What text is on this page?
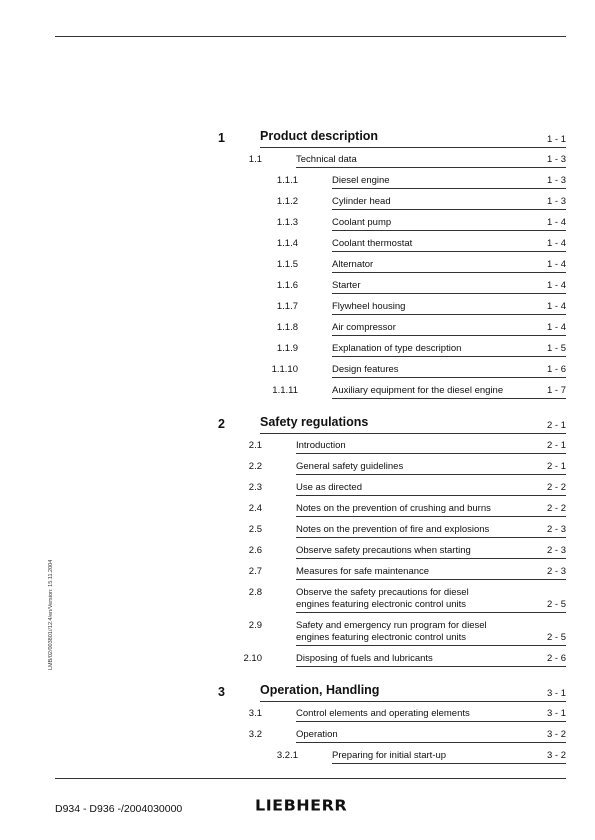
1	Product description	1 - 1
1.1	Technical data	1 - 3
1.1.1	Diesel engine	1 - 3
1.1.2	Cylinder head	1 - 3
1.1.3	Coolant pump	1 - 4
1.1.4	Coolant thermostat	1 - 4
1.1.5	Alternator	1 - 4
1.1.6	Starter	1 - 4
1.1.7	Flywheel housing	1 - 4
1.1.8	Air compressor	1 - 4
1.1.9	Explanation of type description	1 - 5
1.1.10	Design features	1 - 6
1.1.11	Auxiliary equipment for the diesel engine	1 - 7
2	Safety regulations	2 - 1
2.1	Introduction	2 - 1
2.2	General safety guidelines	2 - 1
2.3	Use as directed	2 - 2
2.4	Notes on the prevention of crushing and burns	2 - 2
2.5	Notes on the prevention of fire and explosions	2 - 3
2.6	Observe safety precautions when starting	2 - 3
2.7	Measures for safe maintenance	2 - 3
2.8	Observe the safety precautions for diesel
engines featuring electronic control units	2 - 5
2.9	Safety and emergency run program for diesel
engines featuring electronic control units	2 - 5
2.10	Disposing of fuels and lubricants	2 - 6
3	Operation, Handling	3 - 1
3.1	Control elements and operating elements	3 - 1
3.2	Operation	3 - 2
3.2.1	Preparing for initial start-up	3 - 2
LMB/02/003801//12.4/en/Version: 15.11.2004
D934 - D936 -/2004030000	LIEBHERR
